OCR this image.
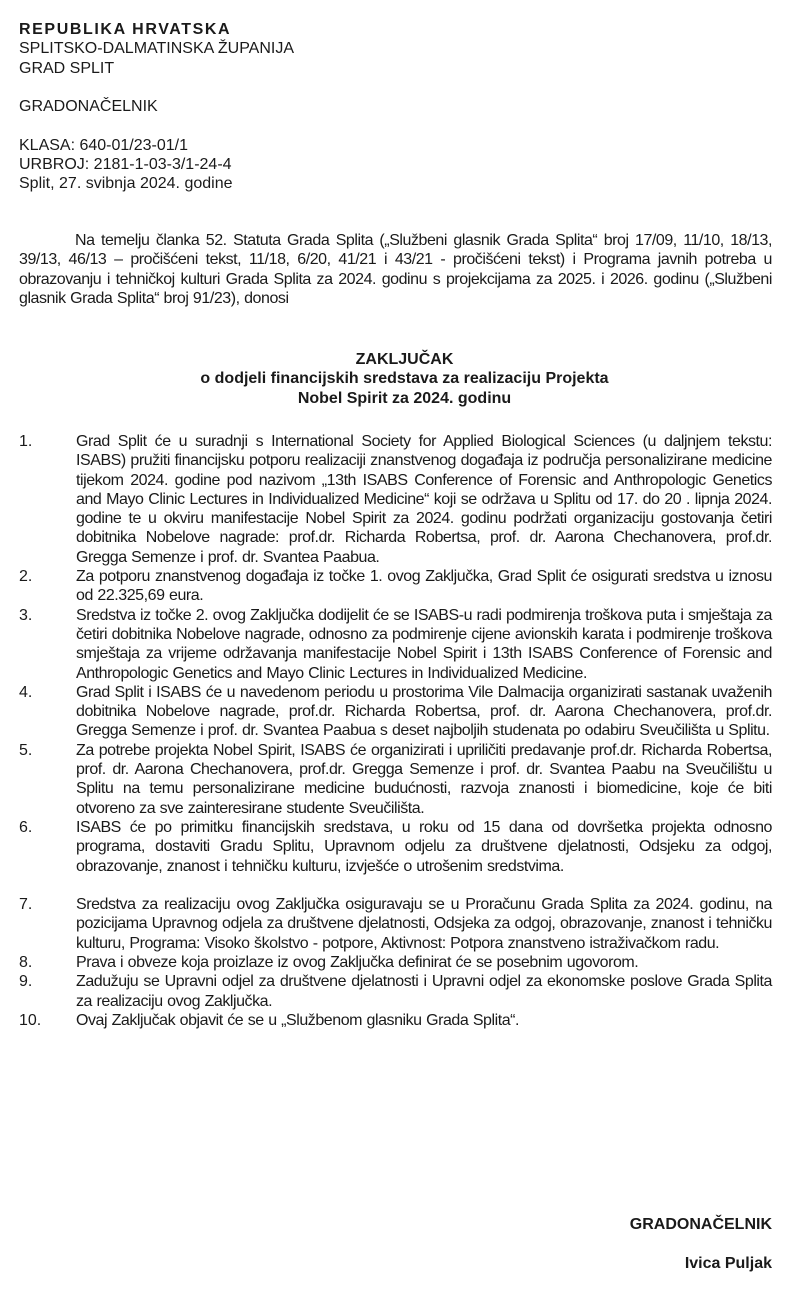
REPUBLIKA HRVATSKA
SPLITSKO-DALMATINSKA ŽUPANIJA
GRAD SPLIT
GRADONAČELNIK
KLASA: 640-01/23-01/1
URBROJ: 2181-1-03-3/1-24-4
Split, 27. svibnja 2024. godine

Na temelju članka 52. Statuta Grada Splita („Službeni glasnik Grada Splita“ broj 17/09, 11/10, 18/13, 39/13, 46/13 – pročišćeni tekst, 11/18, 6/20, 41/21 i 43/21 - pročišćeni tekst) i Programa javnih potreba u obrazovanju i tehničkoj kulturi Grada Splita za 2024. godinu s projekcijama za 2025. i 2026. godinu („Službeni glasnik Grada Splita“ broj 91/23), donosi

ZAKLJUČAK
o dodjeli financijskih sredstava za realizaciju Projekta
Nobel Spirit za 2024. godinu
1.	Grad Split će u suradnji s International Society for Applied Biological Sciences (u daljnjem tekstu: ISABS) pružiti financijsku potporu realizaciji znanstvenog događaja iz područja personalizirane medicine tijekom 2024. godine pod nazivom „13th ISABS Conference of Forensic and Anthropologic Genetics and Mayo Clinic Lectures in Individualized Medicine“ koji se održava u Splitu od 17. do 20 . lipnja 2024. godine te u okviru manifestacije Nobel Spirit za 2024. godinu podržati organizaciju gostovanja četiri dobitnika Nobelove nagrade: prof.dr. Richarda Robertsa, prof. dr. Aarona Chechanovera, prof.dr. Gregga Semenze i prof. dr. Svantea Paabua.
2.	Za potporu znanstvenog događaja iz točke 1. ovog Zaključka, Grad Split će osigurati sredstva u iznosu od 22.325,69 eura.
3.	Sredstva iz točke 2. ovog Zaključka dodijelit će se ISABS-u radi podmirenja troškova puta i smještaja za četiri dobitnika Nobelove nagrade, odnosno za podmirenje cijene avionskih karata i podmirenje troškova smještaja za vrijeme održavanja manifestacije Nobel Spirit i 13th ISABS Conference of Forensic and Anthropologic Genetics and Mayo Clinic Lectures in Individualized Medicine.
4.	Grad Split i ISABS će u navedenom periodu u prostorima Vile Dalmacija organizirati sastanak uvaženih dobitnika Nobelove nagrade, prof.dr. Richarda Robertsa, prof. dr. Aarona Chechanovera, prof.dr. Gregga Semenze i prof. dr. Svantea Paabua s deset najboljih studenata po odabiru Sveučilišta u Splitu.
5.	Za potrebe projekta Nobel Spirit, ISABS će organizirati i upriličiti predavanje prof.dr. Richarda Robertsa, prof. dr. Aarona Chechanovera, prof.dr. Gregga Semenze i prof. dr. Svantea Paabu na Sveučilištu u Splitu na temu personalizirane medicine budućnosti, razvoja znanosti i biomedicine, koje će biti otvoreno za sve zainteresirane studente Sveučilišta.
6.	ISABS će po primitku financijskih sredstava, u roku od 15 dana od dovršetka projekta odnosno programa, dostaviti Gradu Splitu, Upravnom odjelu za društvene djelatnosti, Odsjeku za odgoj, obrazovanje, znanost i tehničku kulturu, izvješće o utrošenim sredstvima.
7.	Sredstva za realizaciju ovog Zaključka osiguravaju se u Proračunu Grada Splita za 2024. godinu, na pozicijama Upravnog odjela za društvene djelatnosti, Odsjeka za odgoj, obrazovanje, znanost i tehničku kulturu, Programa: Visoko školstvo - potpore, Aktivnost: Potpora znanstveno istraživačkom radu.
8.	Prava i obveze koja proizlaze iz ovog Zaključka definirat će se posebnim ugovorom.
9.	Zadužuju se Upravni odjel za društvene djelatnosti i Upravni odjel za ekonomske poslove Grada Splita za realizaciju ovog Zaključka.
10. Ovaj Zaključak objavit će se u „Službenom glasniku Grada Splita“.
GRADONAČELNIK
Ivica Puljak
